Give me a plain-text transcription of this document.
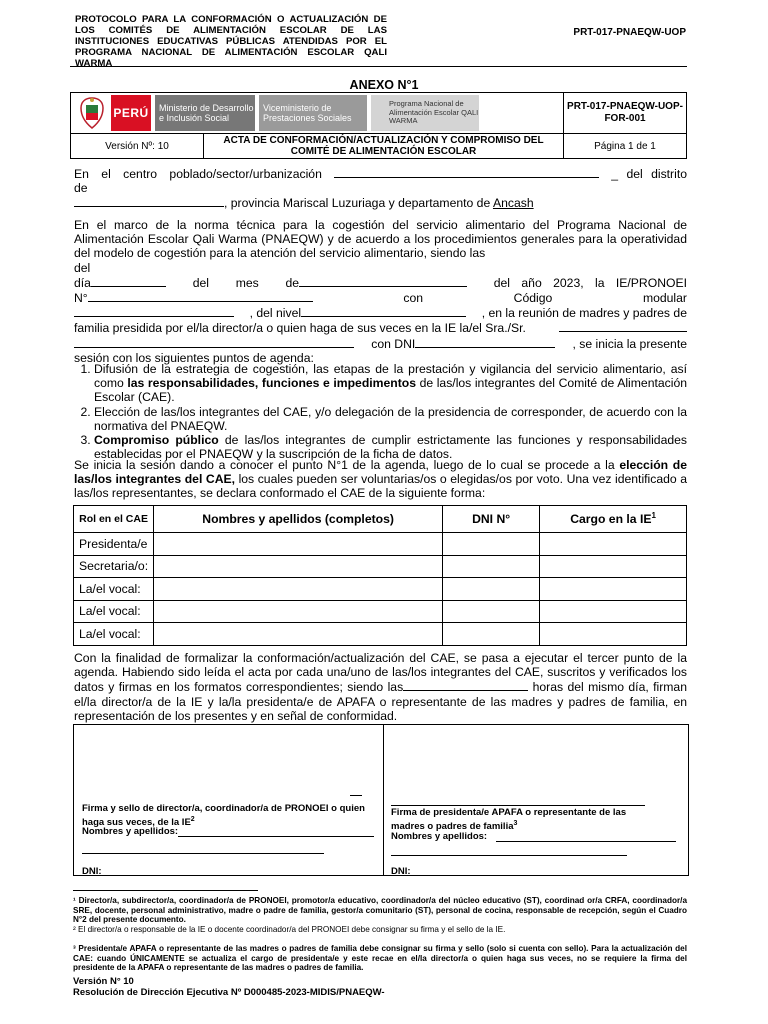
PROTOCOLO PARA LA CONFORMACIÓN O ACTUALIZACIÓN DE LOS COMITÉS DE ALIMENTACIÓN ESCOLAR DE LAS INSTITUCIONES EDUCATIVAS PÚBLICAS ATENDIDAS POR EL PROGRAMA NACIONAL DE ALIMENTACIÓN ESCOLAR QALI WARMA
PRT-017-PNAEQW-UOP
ANEXO N°1
PERÚ Ministerio de Desarrollo e Inclusión Social
Viceministerio de Prestaciones Sociales
Programa Nacional de Alimentación Escolar QALI WARMA		PRT-017-PNAEQW-UOP-FOR-001
Versión Nº: 10	ACTA DE CONFORMACIÓN/ACTUALIZACIÓN Y COMPROMISO DEL COMITÉ DE ALIMENTACIÓN ESCOLAR	Página 1 de 1
En el centro poblado/sector/urbanización	_ del distrito
de
, provincia Mariscal Luzuriaga y departamento de Ancash
En el marco de la norma técnica para la cogestión del servicio alimentario del Programa Nacional de Alimentación Escolar Qali Warma (PNAEQW) y de acuerdo a los procedimientos generales para la operatividad del modelo de cogestión para la atención del servicio alimentario, siendo las
del
día	del mes de	del año 2023, la IE/PRONOEI
N°	con	Código	modular
, del nivel	, en la reunión de madres y padres de
familia presidida por el/la director/a o quien haga de sus veces en la IE la/el Sra./Sr.
con DNI	, se inicia la presente
sesión con los siguientes puntos de agenda:
1. Difusión de la estrategia de cogestión, las etapas de la prestación y vigilancia del servicio alimentario, así como las responsabilidades, funciones e impedimentos de las/los integrantes del Comité de Alimentación Escolar (CAE).
2. Elección de las/los integrantes del CAE, y/o delegación de la presidencia de corresponder, de acuerdo con la normativa del PNAEQW.
3. Compromiso público de las/los integrantes de cumplir estrictamente las funciones y responsabilidades establecidas por el PNAEQW y la suscripción de la ficha de datos.
Se inicia la sesión dando a conocer el punto N°1 de la agenda, luego de lo cual se procede a la elección de las/los integrantes del CAE, los cuales pueden ser voluntarias/os o elegidas/os por voto. Una vez identificado a las/los representantes, se declara conformado el CAE de la siguiente forma:
Rol en el CAE	Nombres y apellidos (completos)	DNI N°	Cargo en la $IE^1$
Presidenta/e			
Secretaria/o:			
La/el vocal:			
La/el vocal:			
La/el vocal:			
Con la finalidad de formalizar la conformación/actualización del CAE, se pasa a ejecutar el tercer punto de la agenda. Habiendo sido leída el acta por cada una/uno de las/los integrantes del CAE, suscritos y verificados los datos y firmas en los formatos correspondientes; siendo las	horas del mismo día, firman el/la director/a de la IE y la/la presidenta/e de APAFA o representante de las madres y padres de familia, en representación de los presentes y en señal de conformidad.
Firma y sello de director/a, coordinador/a de PRONOEI o quien haga sus veces, de la $IE^2$
Nombres y apellidos:
DNI:
Firma de presidenta/e APAFA o representante de las madres o padres de familia$^3$
Nombres y apellidos:
DNI:
¹ Director/a, subdirector/a, coordinador/a de PRONOEI, promotor/a educativo, coordinador/a del núcleo educativo (ST), coordinad or/a CRFA, coordinador/a SRE, docente, personal administrativo, madre o padre de familia, gestor/a comunitario (ST), personal de cocina, responsable de recepción, según el Cuadro N°2 del presente documento.
² El director/a o responsable de la IE o docente coordinador/a del PRONOEI debe consignar su firma y el sello de la IE.
³ Presidenta/e APAFA o representante de las madres o padres de familia debe consignar su firma y sello (solo si cuenta con sello). Para la actualización del CAE: cuando ÚNICAMENTE se actualiza el cargo de presidenta/e y este recae en el/la director/a o quien haga sus veces, no se requiere la firma del presidente de la APAFA o representante de las madres o padres de familia.
Versión N° 10
Resolución de Dirección Ejecutiva Nº D000485-2023-MIDIS/PNAEQW-
